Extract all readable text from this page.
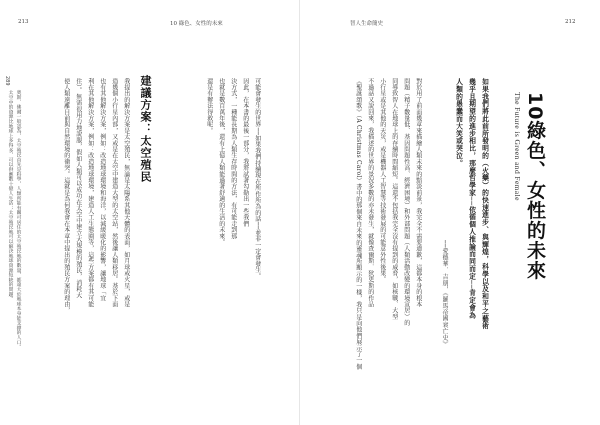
213	10 綠色、女性的未來
建議方案：太空殖民	可能會發生的世界──如果我們持續現在所作所為的話──並非一定會發生。
因此，在本書的最後一部分，我將試著勾勒出一些我們
決方式，一種能長期為人類生存時間的方法，有可能走到那
也就是數百萬年後，還有上億人類能過著舒適的生活的未來。
還是有辦法得救呢。
我提出的解決方案是太空殖民，無論是太陽系其他天體的表面，如月球或火星，或是
造幾個小行星內部，又或是在太空中建造大型的太空站，然後讓人類移居。基於下面
也有其他解決方案，例如：改造地球環境和海洋，以減緩暖化的影響，讓地球「宜
利在其他解決方案，例如：改造地球環境，建造人工生態圈等，這些方案都有其可能
住）。無需很用力地說服，假如人類可以成功在太空中建立大規模的殖民，消耗大
使人類遠離目前與自然環境的衝突。這就是為何我會在本章中提出的殖民方案的理由，
289
奧斯．佛爾一般認為，太空殖民首先是科學，人類所能有關可居住的太空殖民地的數量，都遠大於地球本身能支撐的人口。
太空中的資源比地球上多得多，可以供應數十億人生活；太空殖民地可以解決地球資源短缺的問題。
智人生命簡史	212
10綠色、女性的未來
The Future is Green and Female
如果我們將此前所發明的（火藥）的快速進步、與輝煌，科學以及和平之藝術
幾乎且期望的進步相比，那麼哲學家──依循個人推論而同而定──肯定會為
人類的愚蠢而大笑或哭泣。
──愛德華．吉朋，《羅馬帝國衰亡史》
對於用了前面幾章來描繪人類未來的黯淡前景，我完全不需要道歉，這都本身的根本
問題（精子數量低、基因問題性高、經濟困境）和外部問題（人類活動改變的環境宣居）的
同導致智人在地球上的存續時間縮短。這還不包括我完全沒有提到的威脅，如核戰、大型
小行星或是其他的天災，或是機器人工智慧等技術發展的可能意外性後果。
不過話又說回來，我描述的世界的景況多數的亦未發生，就像查爾斯．狄更斯的作品
《聖誕頌歌》（A Christmas Carol）書中的那個來自未來的靈魂所顯示的一樣，我只是向他們展示了一個
